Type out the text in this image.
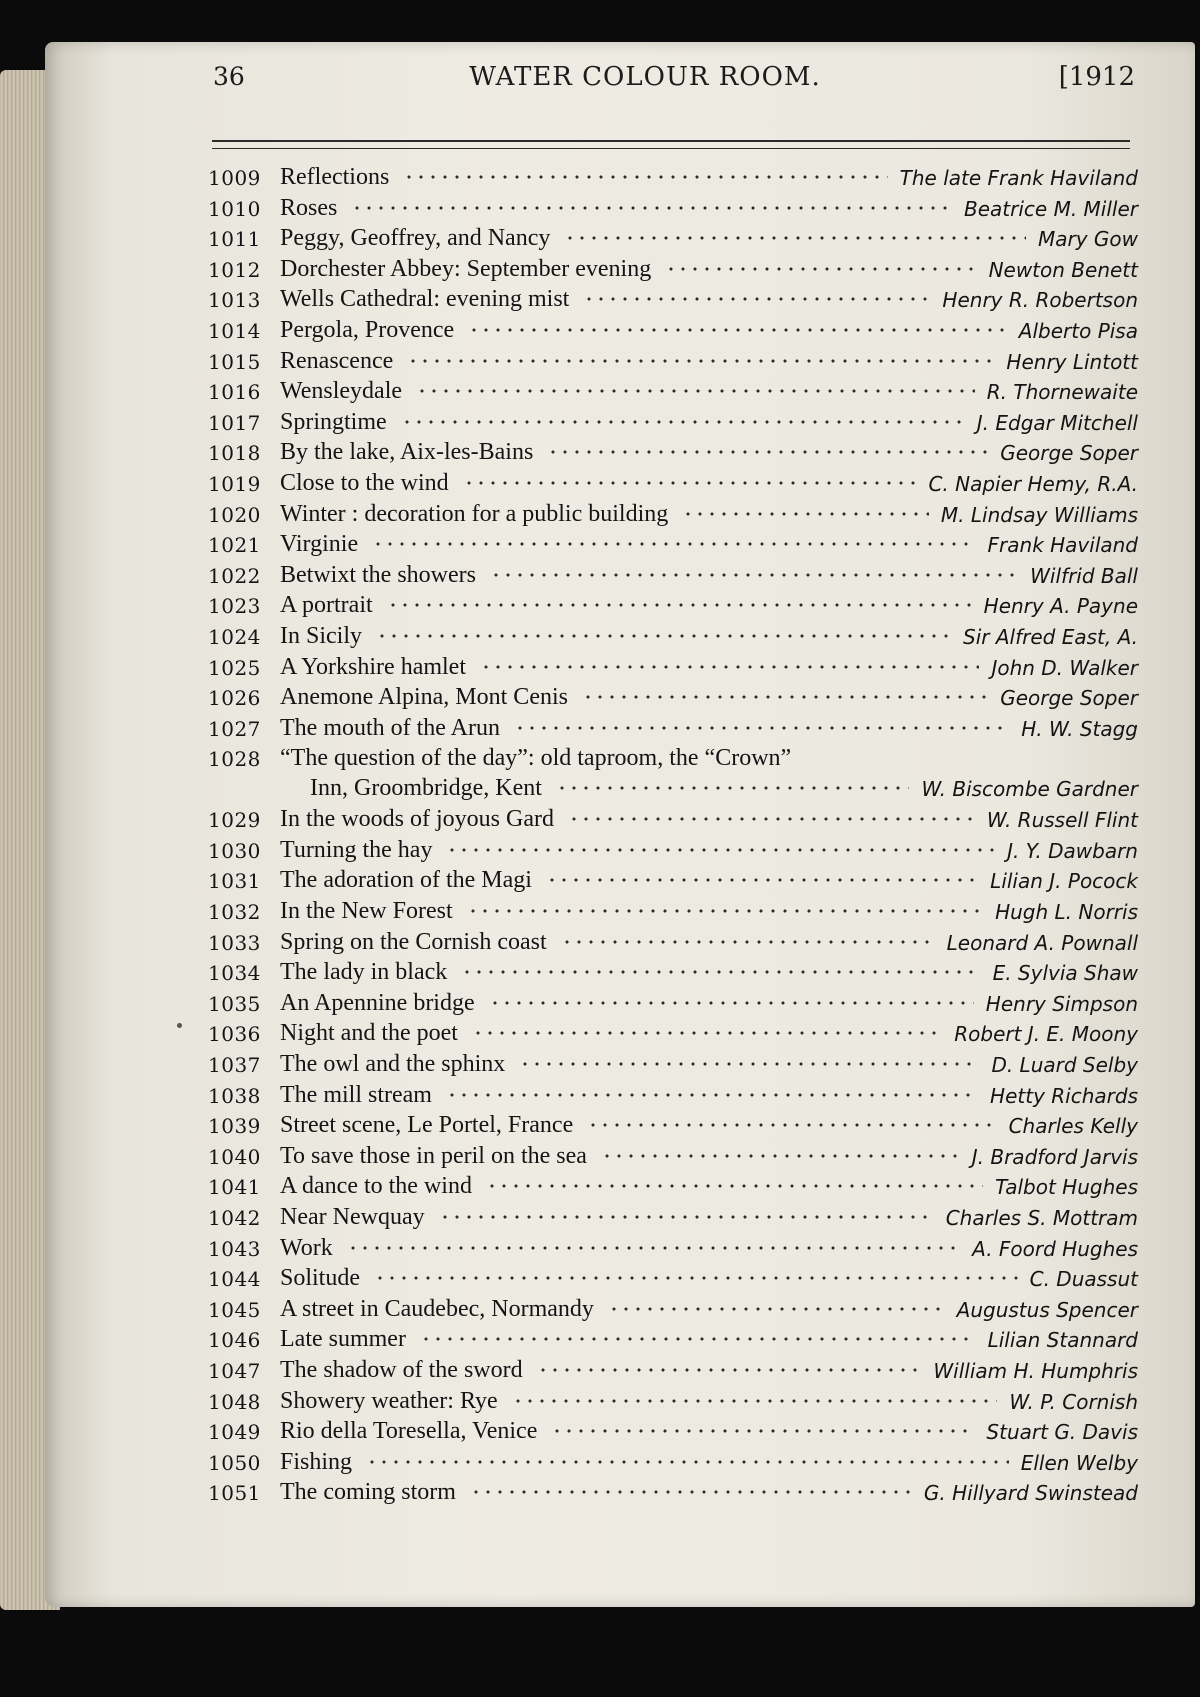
36	WATER COLOUR ROOM.	[1912
1009 Reflections	The late Frank Haviland
1010 Roses	Beatrice M. Miller
1011 Peggy, Geoffrey, and Nancy	Mary Gow
1012 Dorchester Abbey: September evening	Newton Benett
1013 Wells Cathedral: evening mist	Henry R. Robertson
1014 Pergola, Provence	Alberto Pisa
1015 Renascence	Henry Lintott
1016 Wensleydale	R. Thornewaite
1017 Springtime	J. Edgar Mitchell
1018 By the lake, Aix-les-Bains	George Soper
1019 Close to the wind	C. Napier Hemy, R.A.
1020 Winter : decoration for a public building	M. Lindsay Williams
1021 Virginie	Frank Haviland
1022 Betwixt the showers	Wilfrid Ball
1023 A portrait	Henry A. Payne
1024 In Sicily	Sir Alfred East, A.
1025 A Yorkshire hamlet	John D. Walker
1026 Anemone Alpina, Mont Cenis	George Soper
1027 The mouth of the Arun	H. W. Stagg
1028 “The question of the day”: old taproom, the “Crown”
Inn, Groombridge, Kent	W. Biscombe Gardner
1029 In the woods of joyous Gard	W. Russell Flint
1030 Turning the hay	J. Y. Dawbarn
1031 The adoration of the Magi	Lilian J. Pocock
1032 In the New Forest	Hugh L. Norris
1033 Spring on the Cornish coast	Leonard A. Pownall
1034 The lady in black	E. Sylvia Shaw
1035 An Apennine bridge	Henry Simpson
1036 Night and the poet	Robert J. E. Moony
1037 The owl and the sphinx	D. Luard Selby
1038 The mill stream	Hetty Richards
1039 Street scene, Le Portel, France	Charles Kelly
1040 To save those in peril on the sea	J. Bradford Jarvis
1041 A dance to the wind	Talbot Hughes
1042 Near Newquay	Charles S. Mottram
1043 Work	A. Foord Hughes
1044 Solitude	C. Duassut
1045 A street in Caudebec, Normandy	Augustus Spencer
1046 Late summer	Lilian Stannard
1047 The shadow of the sword	William H. Humphris
1048 Showery weather: Rye	W. P. Cornish
1049 Rio della Toresella, Venice	Stuart G. Davis
1050 Fishing	Ellen Welby
1051 The coming storm	G. Hillyard Swinstead
